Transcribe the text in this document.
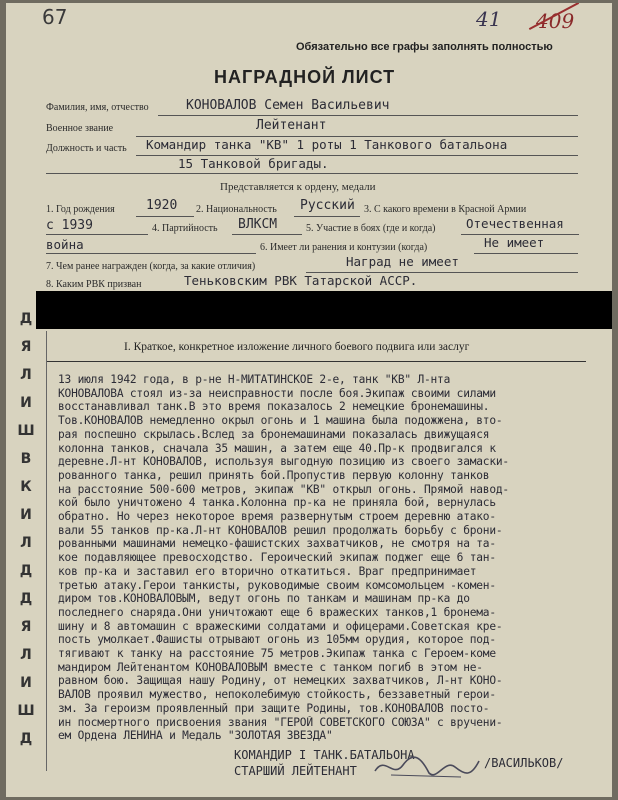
67	41 409
Обязательно все графы заполнять полностью
НАГРАДНОЙ ЛИСТ
Фамилия, имя, отчество	КОНОВАЛОВ Семен Васильевич
Военное звание	Лейтенант
Должность и часть Командир танка "КВ" 1 роты 1 Танкового батальона
15 Танковой бригады.
Представляется к ордену, медали
1. Год рождения 1920 2. Национальность Русский 3. С какого времени в Красной Армии
с 1939	4. Партийность ВЛКСМ	5. Участие в боях (где и когда) Отечественная
война	6. Имеет ли ранения и контузии (когда)	Не имеет
7. Чем ранее награжден (когда, за какие отличия)	Наград не имеет
8. Каким РВК призван	Теньковским РВК Татарской АССР.
I. Краткое, конкретное изложение личного боевого подвига или заслуг
Д
Я
Л
И
Ш
В
К
И
Л
Д
Д
Я
Л
И
Ш
Д
13 июля 1942 года, в р-не Н-МИТАТИНСКОЕ 2-е, танк "КВ" Л-нта
КОНОВАЛОВА стоял из-за неисправности после боя.Экипаж своими силами
восстанавливал танк.В это время показалось 2 немецкие бронемашины.
Тов.КОНОВАЛОВ немедленно окрыл огонь и 1 машина была подожжена, вто-
рая поспешно скрылась.Вслед за бронемашинами показалась движущаяся
колонна танков, сначала 35 машин, а затем еще 40.Пр-к продвигался к
деревне.Л-нт КОНОВАЛОВ, используя выгодную позицию из своего замаски-
рованного танка, решил принять бой.Пропустив первую колонну танков
на расстояние 500-600 метров, экипаж "КВ" открыл огонь. Прямой навод-
кой было уничтожено 4 танка.Колонна пр-ка не приняла бой, вернулась
обратно. Но через некоторое время развернутым строем деревню атако-
вали 55 танков пр-ка.Л-нт КОНОВАЛОВ решил продолжать борьбу с брони-
рованными машинами немецко-фашистских захватчиков, не смотря на та-
кое подавляющее превосходство. Героический экипаж поджег еще 6 тан-
ков пр-ка и заставил его вторично откатиться. Враг предпринимает
третью атаку.Герои танкисты, руководимые своим комсомольцем -комен-
диром тов.КОНОВАЛОВЫМ, ведут огонь по танкам и машинам пр-ка до
последнего снаряда.Они уничтожают еще 6 вражеских танков,1 бронема-
шину и 8 автомашин с вражескими солдатами и офицерами.Советская кре-
пость умолкает.Фашисты отрывают огонь из 105мм орудия, которое под-
тягивают к танку на расстояние 75 метров.Экипаж танка с Героем-коме
мандиром Лейтенантом КОНОВАЛОВЫМ вместе с танком погиб в этом не-
равном бою. Защищая нашу Родину, от немецких захватчиков, Л-нт КОНО-
ВАЛОВ проявил мужество, непоколебимую стойкость, беззаветный герои-
зм. За героизм проявленный при защите Родины, тов.КОНОВАЛОВ посто-
ин посмертного присвоения звания "ГЕРОЙ СОВЕТСКОГО СОЮЗА" с вручени-
ем Ордена ЛЕНИНА и Медаль "ЗОЛОТАЯ ЗВЕЗДА"
КОМАНДИР I ТАНК.БАТАЛЬОНА
СТАРШИЙ ЛЕЙТЕНАНТ
/ВАСИЛЬКОВ/
